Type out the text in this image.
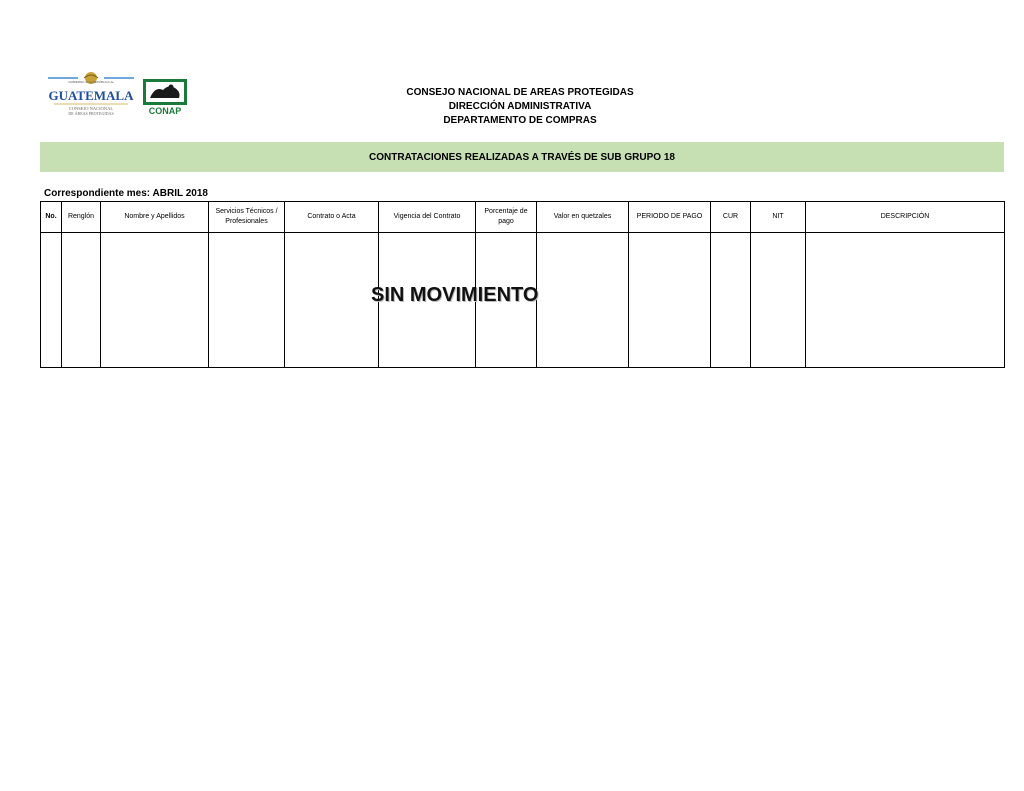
GOBIERNO de la REPÚBLICA de
GUATEMALA
CONSEJO NACIONAL
DE ÁREAS PROTEGIDAS	CONAP
CONSEJO NACIONAL DE AREAS PROTEGIDAS
DIRECCIÓN ADMINISTRATIVA
DEPARTAMENTO DE COMPRAS
CONTRATACIONES REALIZADAS A TRAVÉS DE SUB GRUPO 18
Correspondiente mes: ABRIL 2018
No.	Renglón	Nombre y Apellidos	Servicios Técnicos / Profesionales	Contrato o Acta	Vigencia del Contrato	Porcentaje de pago	Valor en quetzales	PERIODO DE PAGO	CUR	NIT	DESCRIPCIÓN

SIN MOVIMIENTO
